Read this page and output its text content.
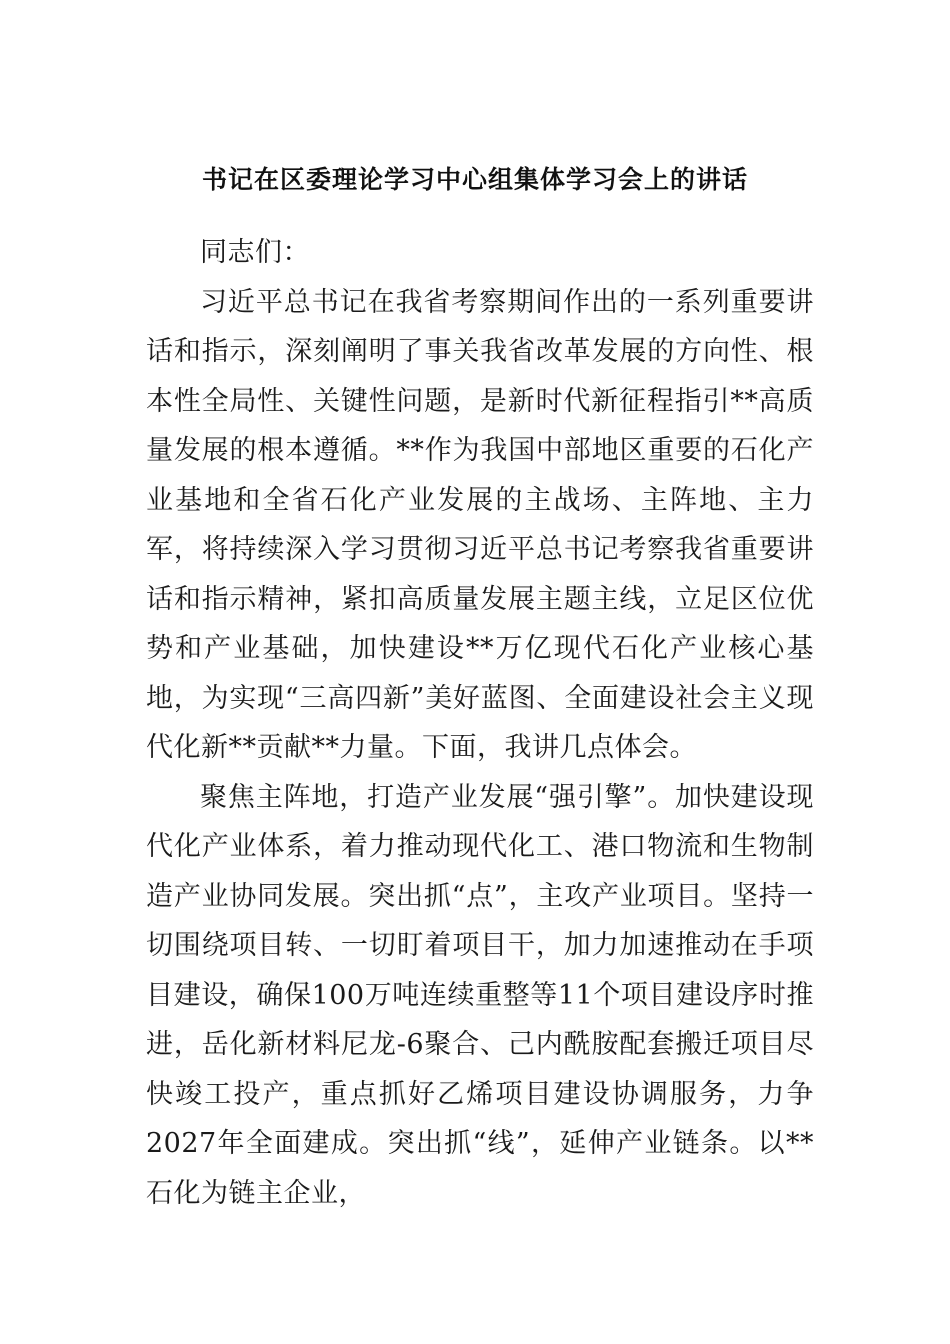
书记在区委理论学习中心组集体学习会上的讲话

同志们：

习近平总书记在我省考察期间作出的一系列重要讲话和指示，深刻阐明了事关我省改革发展的方向性、根本性全局性、关键性问题，是新时代新征程指引**高质量发展的根本遵循。**作为我国中部地区重要的石化产业基地和全省石化产业发展的主战场、主阵地、主力军，将持续深入学习贯彻习近平总书记考察我省重要讲话和指示精神，紧扣高质量发展主题主线，立足区位优势和产业基础，加快建设**万亿现代石化产业核心基地，为实现“三高四新”美好蓝图、全面建设社会主义现代化新**贡献**力量。下面，我讲几点体会。

聚焦主阵地，打造产业发展“强引擎”。加快建设现代化产业体系，着力推动现代化工、港口物流和生物制造产业协同发展。突出抓“点”，主攻产业项目。坚持一切围绕项目转、一切盯着项目干，加力加速推动在手项目建设，确保100万吨连续重整等11个项目建设序时推进，岳化新材料尼龙-6聚合、己内酰胺配套搬迁项目尽快竣工投产，重点抓好乙烯项目建设协调服务，力争2027年全面建成。突出抓“线”，延伸产业链条。以**石化为链主企业，
